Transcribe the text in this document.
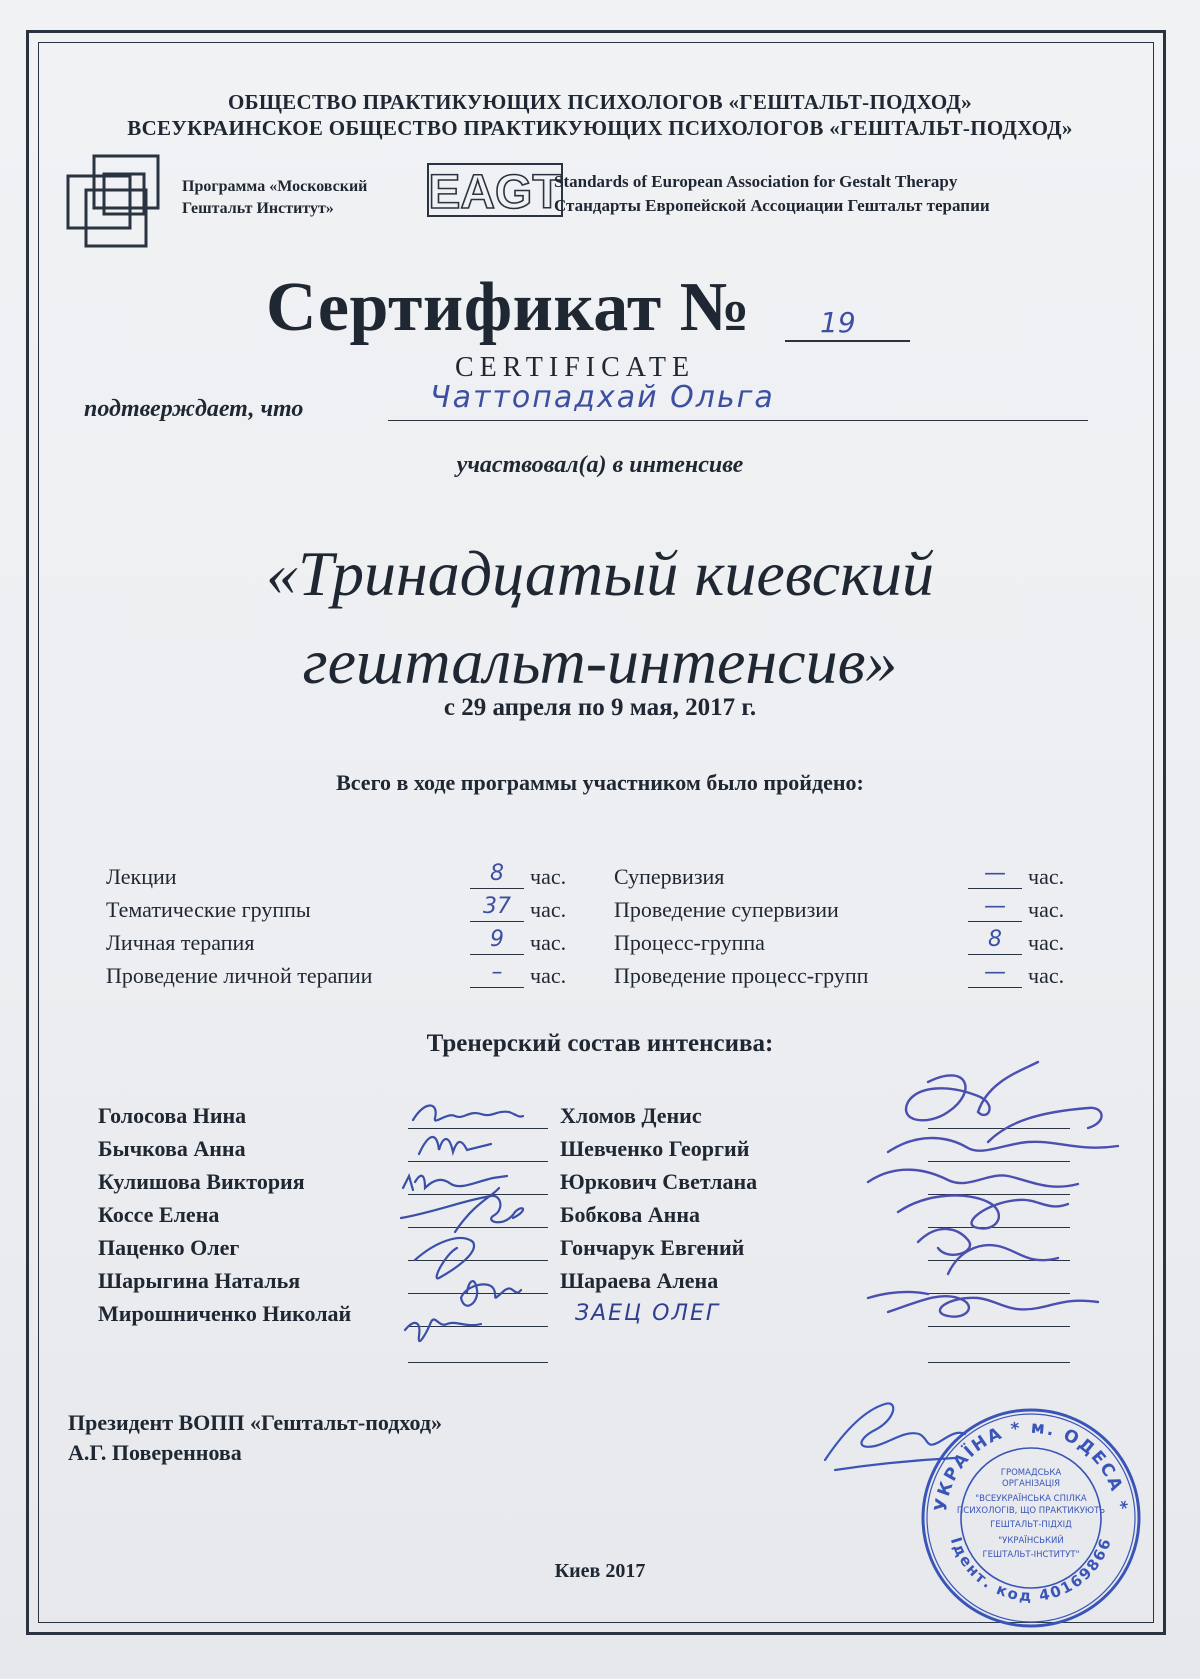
ОБЩЕСТВО ПРАКТИКУЮЩИХ ПСИХОЛОГОВ «ГЕШТАЛЬТ-ПОДХОД»
ВСЕУКРАИНСКОЕ ОБЩЕСТВО ПРАКТИКУЮЩИХ ПСИХОЛОГОВ «ГЕШТАЛЬТ-ПОДХОД»
Программа «Московский
Гештальт Институт»	EAGT
Standards of European Association for Gestalt Therapy
Стандарты Европейской Ассоциации Гештальт терапии
Сертификат № 19
CERTIFICATE
подтверждает, что	Чаттопадхай Ольга
участвовал(а) в интенсиве
«Тринадцатый киевский
гештальт-интенсив»
с 29 апреля по 9 мая, 2017 г.
Всего в ходе программы участником было пройдено:
Лекции	8	час.
Тематические группы	37 час.
Личная терапия	9	час.
Проведение личной терапии	–	час.
Супервизия	—	час.
Проведение супервизии	—	час.
Процесс-группа	8	час.
Проведение процесс-групп	—	час.
Тренерский состав интенсива:
Голосова Нина
Бычкова Анна
Кулишова Виктория
Коссе Елена
Паценко Олег
Шарыгина Наталья
Мирошниченко Николай
Хломов Денис
Шевченко Георгий
Юркович Светлана
Бобкова Анна
Гончарук Евгений
Шараева Алена
ЗАЕЦ ОЛЕГ
Президент ВОПП «Гештальт-подход»
А.Г. Повереннова
УКРАЇНА * м. ОДЕСА *
Ідент. код 40169866
ГРОМАДСЬКА
ОРГАНІЗАЦІЯ
"ВСЕУКРАЇНСЬКА СПІЛКА
ПСИХОЛОГІВ, ЩО ПРАКТИКУЮТЬ
ГЕШТАЛЬТ-ПІДХІД
"УКРАЇНСЬКИЙ
ГЕШТАЛЬТ-ІНСТИТУТ"
Киев 2017
